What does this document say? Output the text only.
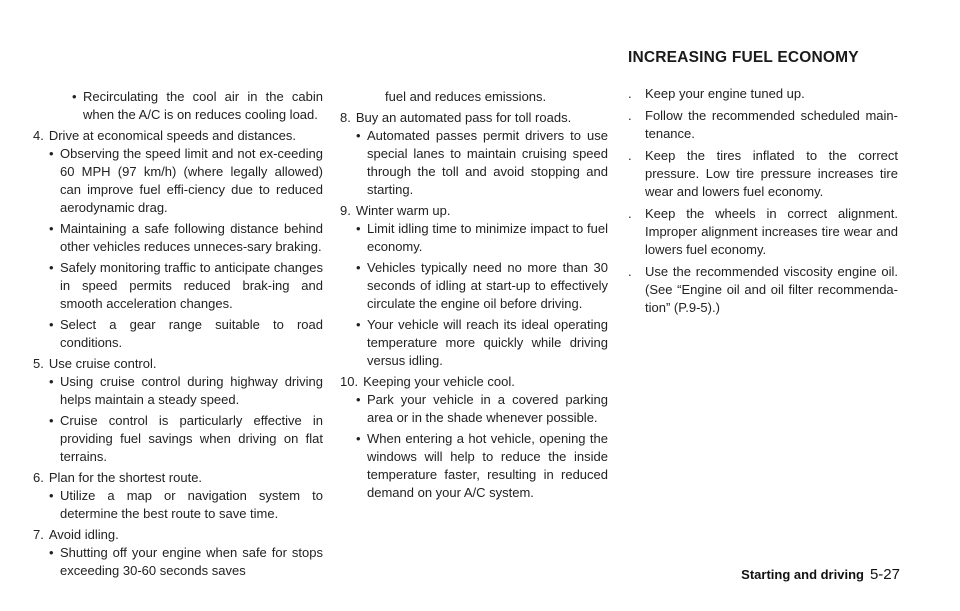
• Recirculating the cool air in the cabin when the A/C is on reduces cooling load.
4. Drive at economical speeds and distances.
• Observing the speed limit and not ex-ceeding 60 MPH (97 km/h) (where legally allowed) can improve fuel effi-ciency due to reduced aerodynamic drag.
• Maintaining a safe following distance behind other vehicles reduces unneces-sary braking.
• Safely monitoring traffic to anticipate changes in speed permits reduced brak-ing and smooth acceleration changes.
• Select a gear range suitable to road conditions.
5. Use cruise control.
• Using cruise control during highway driving helps maintain a steady speed.
• Cruise control is particularly effective in providing fuel savings when driving on flat terrains.
6. Plan for the shortest route.
• Utilize a map or navigation system to determine the best route to save time.
7. Avoid idling.
• Shutting off your engine when safe for stops exceeding 30-60 seconds saves
fuel and reduces emissions.
8. Buy an automated pass for toll roads.
• Automated passes permit drivers to use special lanes to maintain cruising speed through the toll and avoid stopping and starting.
9. Winter warm up.
• Limit idling time to minimize impact to fuel economy.
• Vehicles typically need no more than 30 seconds of idling at start-up to effectively circulate the engine oil before driving.
• Your vehicle will reach its ideal operating temperature more quickly while driving versus idling.
10. Keeping your vehicle cool.
• Park your vehicle in a covered parking area or in the shade whenever possible.
• When entering a hot vehicle, opening the windows will help to reduce the inside temperature faster, resulting in reduced demand on your A/C system.
INCREASING FUEL ECONOMY
. Keep your engine tuned up.
. Follow the recommended scheduled main-tenance.
. Keep the tires inflated to the correct pressure. Low tire pressure increases tire wear and lowers fuel economy.
. Keep the wheels in correct alignment. Improper alignment increases tire wear and lowers fuel economy.
. Use the recommended viscosity engine oil. (See “Engine oil and oil filter recommenda-tion” (P.9-5).)
Starting and driving 5-27
